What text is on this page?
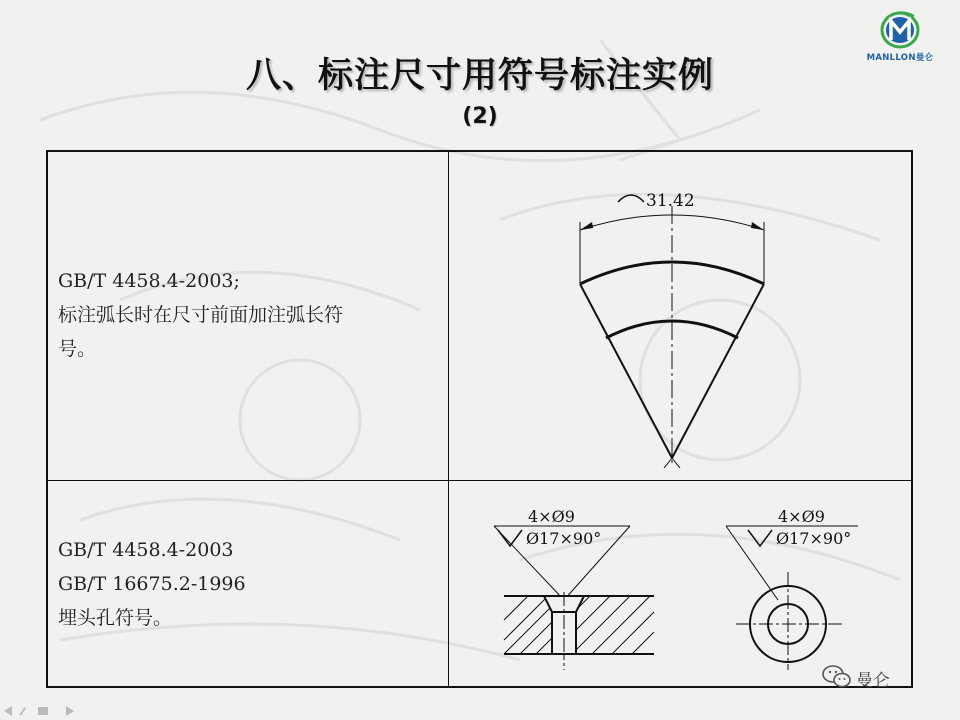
MANLLON曼仑
八、标注尺寸用符号标注实例
(2)
GB/T 4458.4-2003;
标注弧长时在尺寸前面加注弧长符
号。
GB/T 4458.4-2003
GB/T 16675.2-1996
埋头孔符号。
31.42
4×Ø9
Ø17×90°
4×Ø9
Ø17×90°
曼仑
